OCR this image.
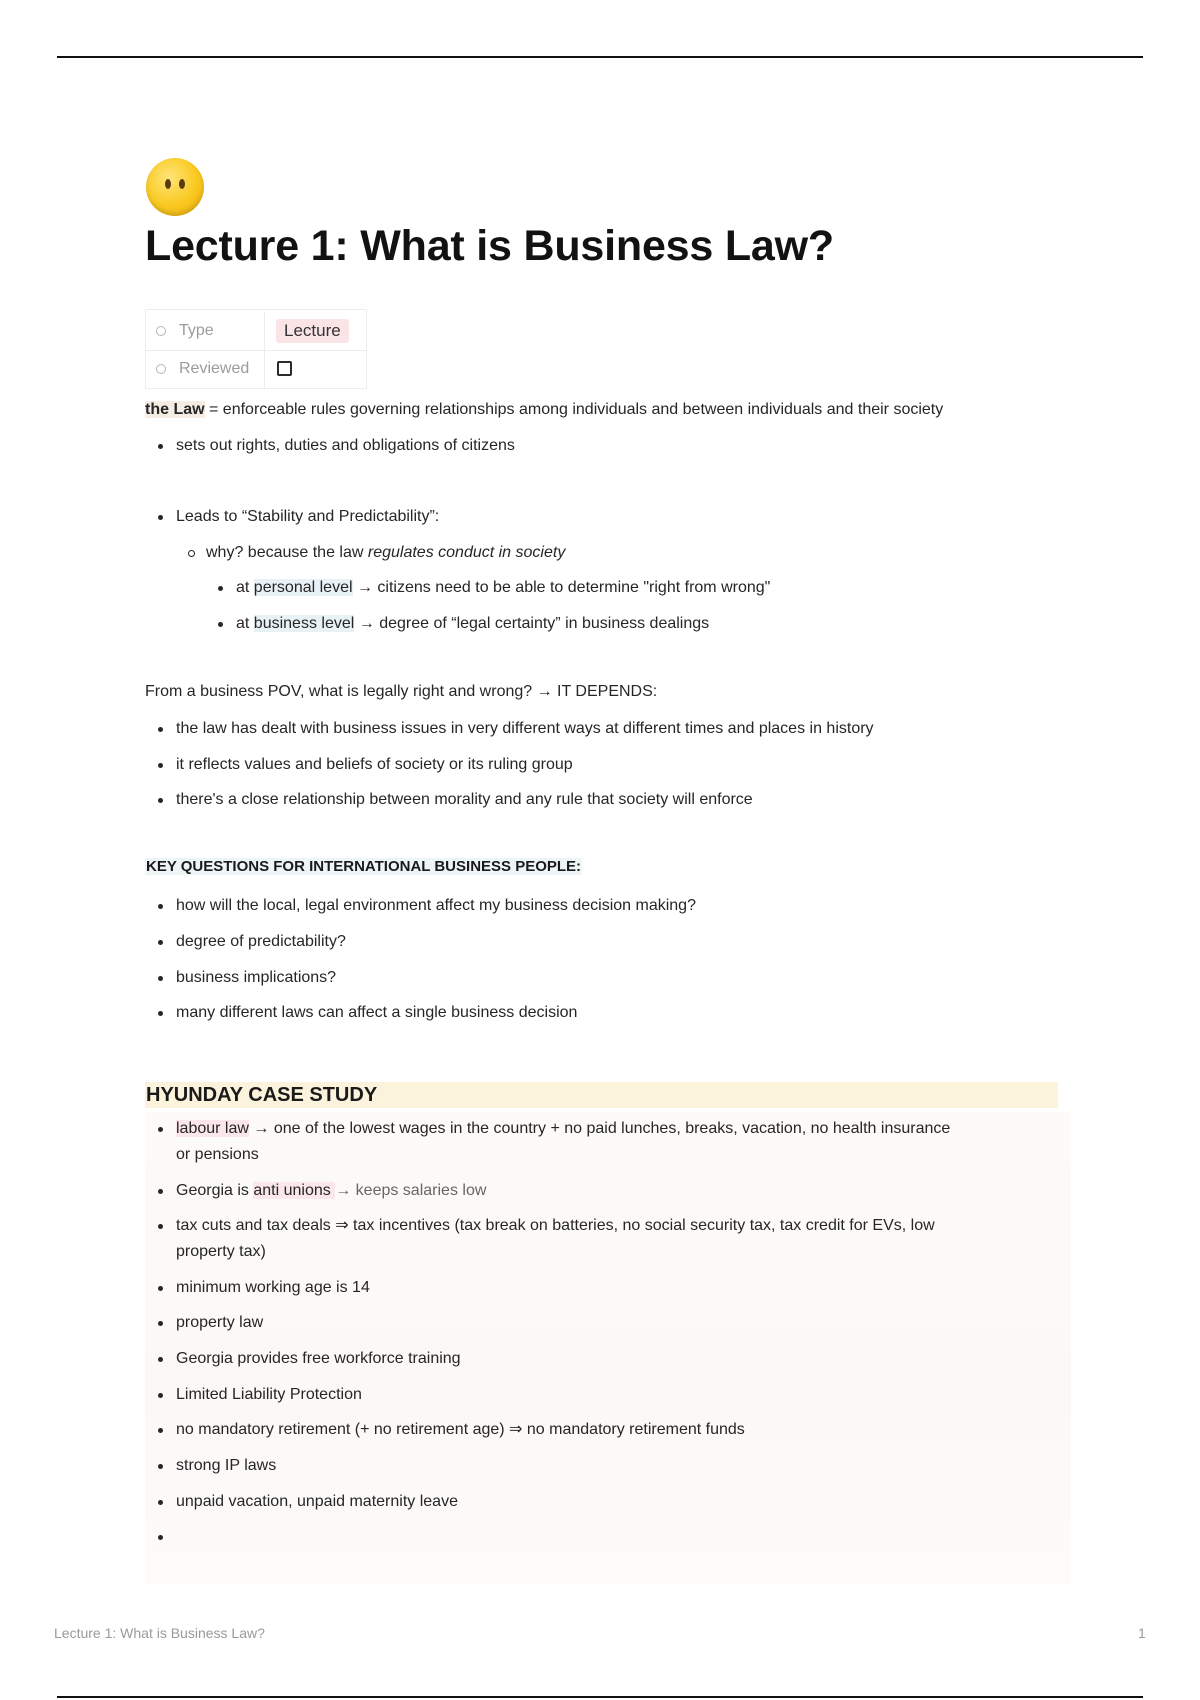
Lecture 1: What is Business Law?
Type	Lecture
Reviewed

the Law = enforceable rules governing relationships among individuals and between individuals and their society

sets out rights, duties and obligations of citizens
Leads to “Stability and Predictability”:
why? because the law regulates conduct in society
at personal level → citizens need to be able to determine "right from wrong"
at business level → degree of “legal certainty” in business dealings

From a business POV, what is legally right and wrong? → IT DEPENDS:

the law has dealt with business issues in very different ways at different times and places in history
it reflects values and beliefs of society or its ruling group
there's a close relationship between morality and any rule that society will enforce

KEY QUESTIONS FOR INTERNATIONAL BUSINESS PEOPLE:

how will the local, legal environment affect my business decision making?
degree of predictability?
business implications?
many different laws can affect a single business decision
HYUNDAY CASE STUDY
labour law → one of the lowest wages in the country + no paid lunches, breaks, vacation, no health insurance
or pensions
Georgia is anti unions → keeps salaries low
tax cuts and tax deals ⇒ tax incentives (tax break on batteries, no social security tax, tax credit for EVs, low
property tax)
minimum working age is 14
property law
Georgia provides free workforce training
Limited Liability Protection
no mandatory retirement (+ no retirement age) ⇒ no mandatory retirement funds
strong IP laws
unpaid vacation, unpaid maternity leave
Lecture 1: What is Business Law?	1
